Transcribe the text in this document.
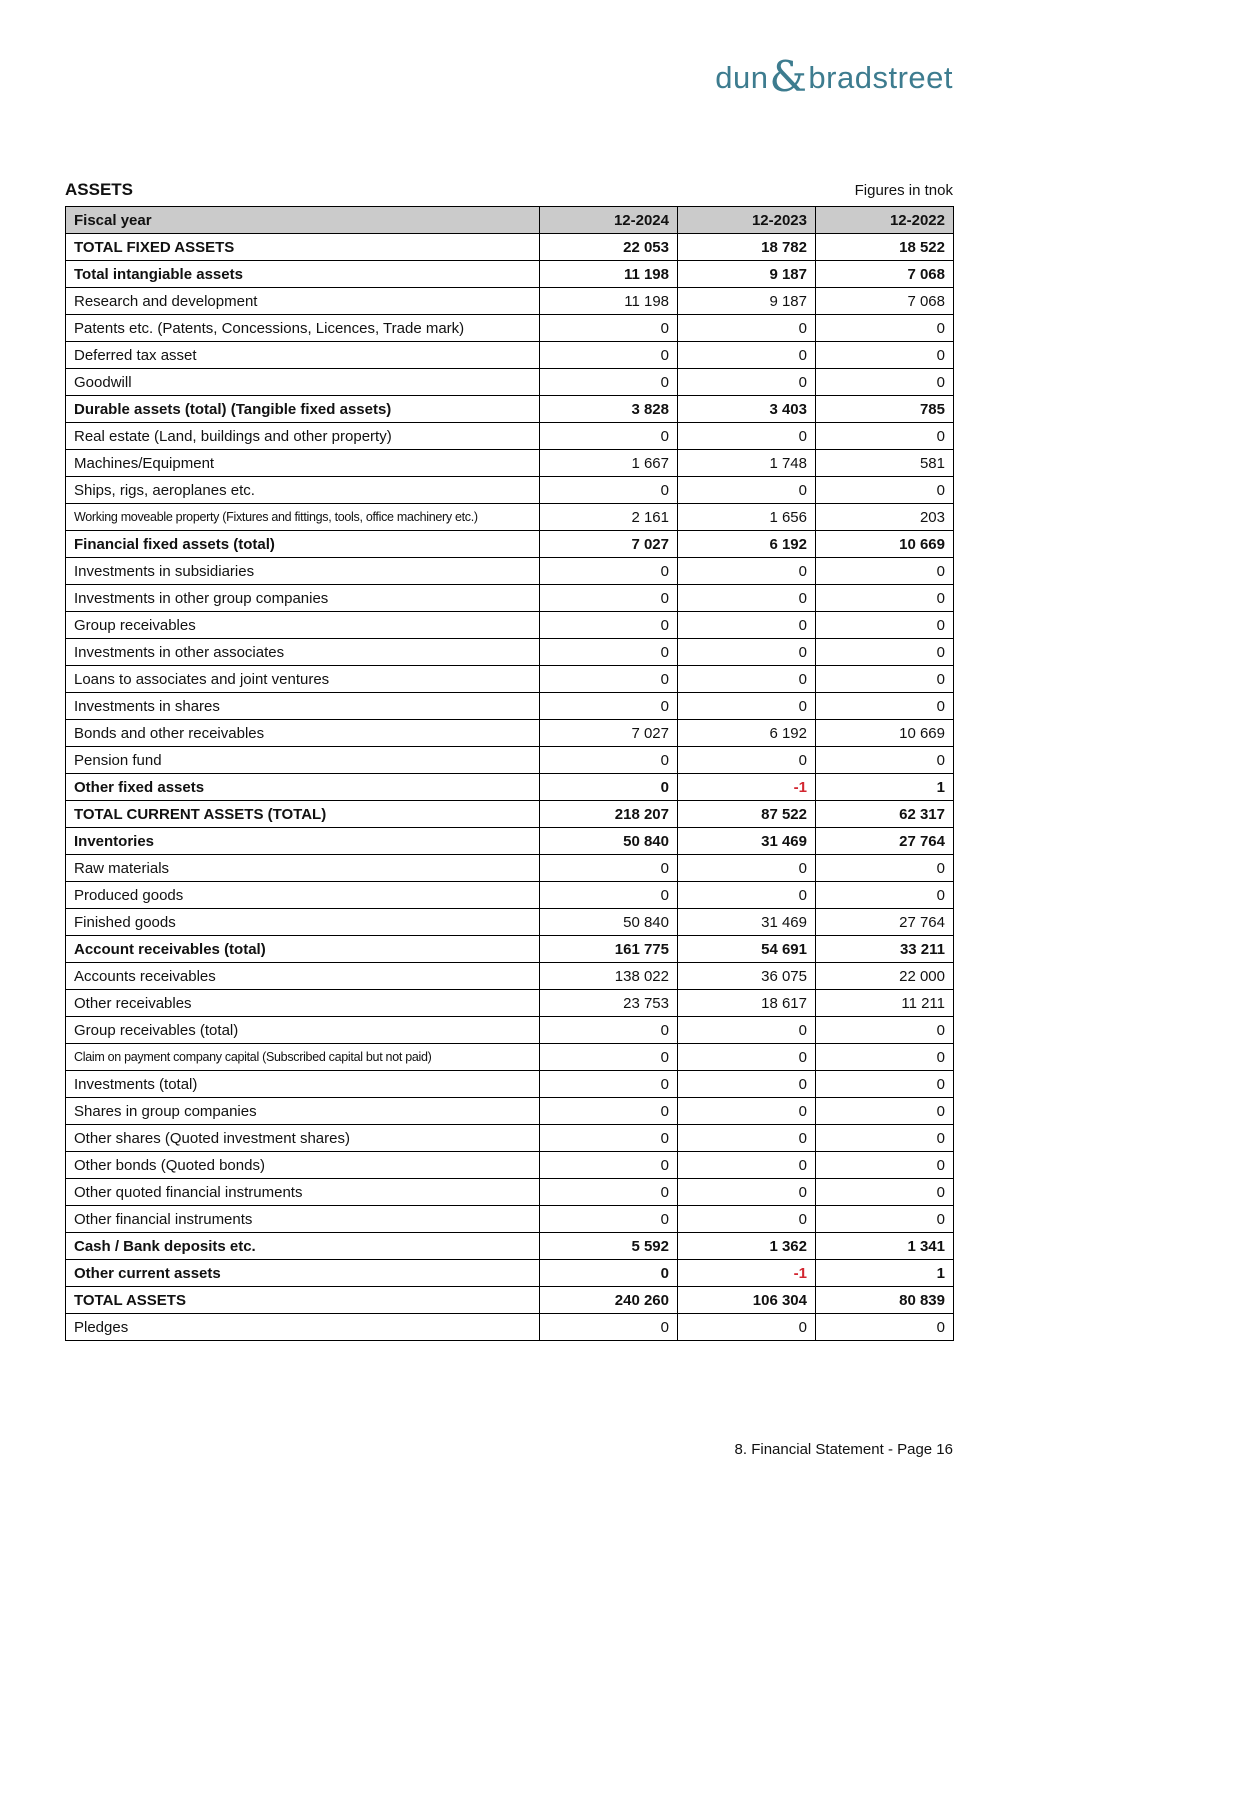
dun & bradstreet
ASSETS	Figures in tnok
Fiscal year	12-2024	12-2023	12-2022
TOTAL FIXED ASSETS	22 053	18 782	18 522
Total intangiable assets	11 198	9 187	7 068
Research and development	11 198	9 187	7 068
Patents etc. (Patents, Concessions, Licences, Trade mark)	0	0	0
Deferred tax asset	0	0	0
Goodwill	0	0	0
Durable assets (total) (Tangible fixed assets)	3 828	3 403	785
Real estate (Land, buildings and other property)	0	0	0
Machines/Equipment	1 667	1 748	581
Ships, rigs, aeroplanes etc.	0	0	0
Working moveable property (Fixtures and fittings, tools, office machinery etc.)	2 161	1 656	203
Financial fixed assets (total)	7 027	6 192	10 669
Investments in subsidiaries	0	0	0
Investments in other group companies	0	0	0
Group receivables	0	0	0
Investments in other associates	0	0	0
Loans to associates and joint ventures	0	0	0
Investments in shares	0	0	0
Bonds and other receivables	7 027	6 192	10 669
Pension fund	0	0	0
Other fixed assets	0	-1	1
TOTAL CURRENT ASSETS (TOTAL)	218 207	87 522	62 317
Inventories	50 840	31 469	27 764
Raw materials	0	0	0
Produced goods	0	0	0
Finished goods	50 840	31 469	27 764
Account receivables (total)	161 775	54 691	33 211
Accounts receivables	138 022	36 075	22 000
Other receivables	23 753	18 617	11 211
Group receivables (total)	0	0	0
Claim on payment company capital (Subscribed capital but not paid)	0	0	0
Investments (total)	0	0	0
Shares in group companies	0	0	0
Other shares (Quoted investment shares)	0	0	0
Other bonds (Quoted bonds)	0	0	0
Other quoted financial instruments	0	0	0
Other financial instruments	0	0	0
Cash / Bank deposits etc.	5 592	1 362	1 341
Other current assets	0	-1	1
TOTAL ASSETS	240 260	106 304	80 839
Pledges	0	0	0
8. Financial Statement - Page 16
